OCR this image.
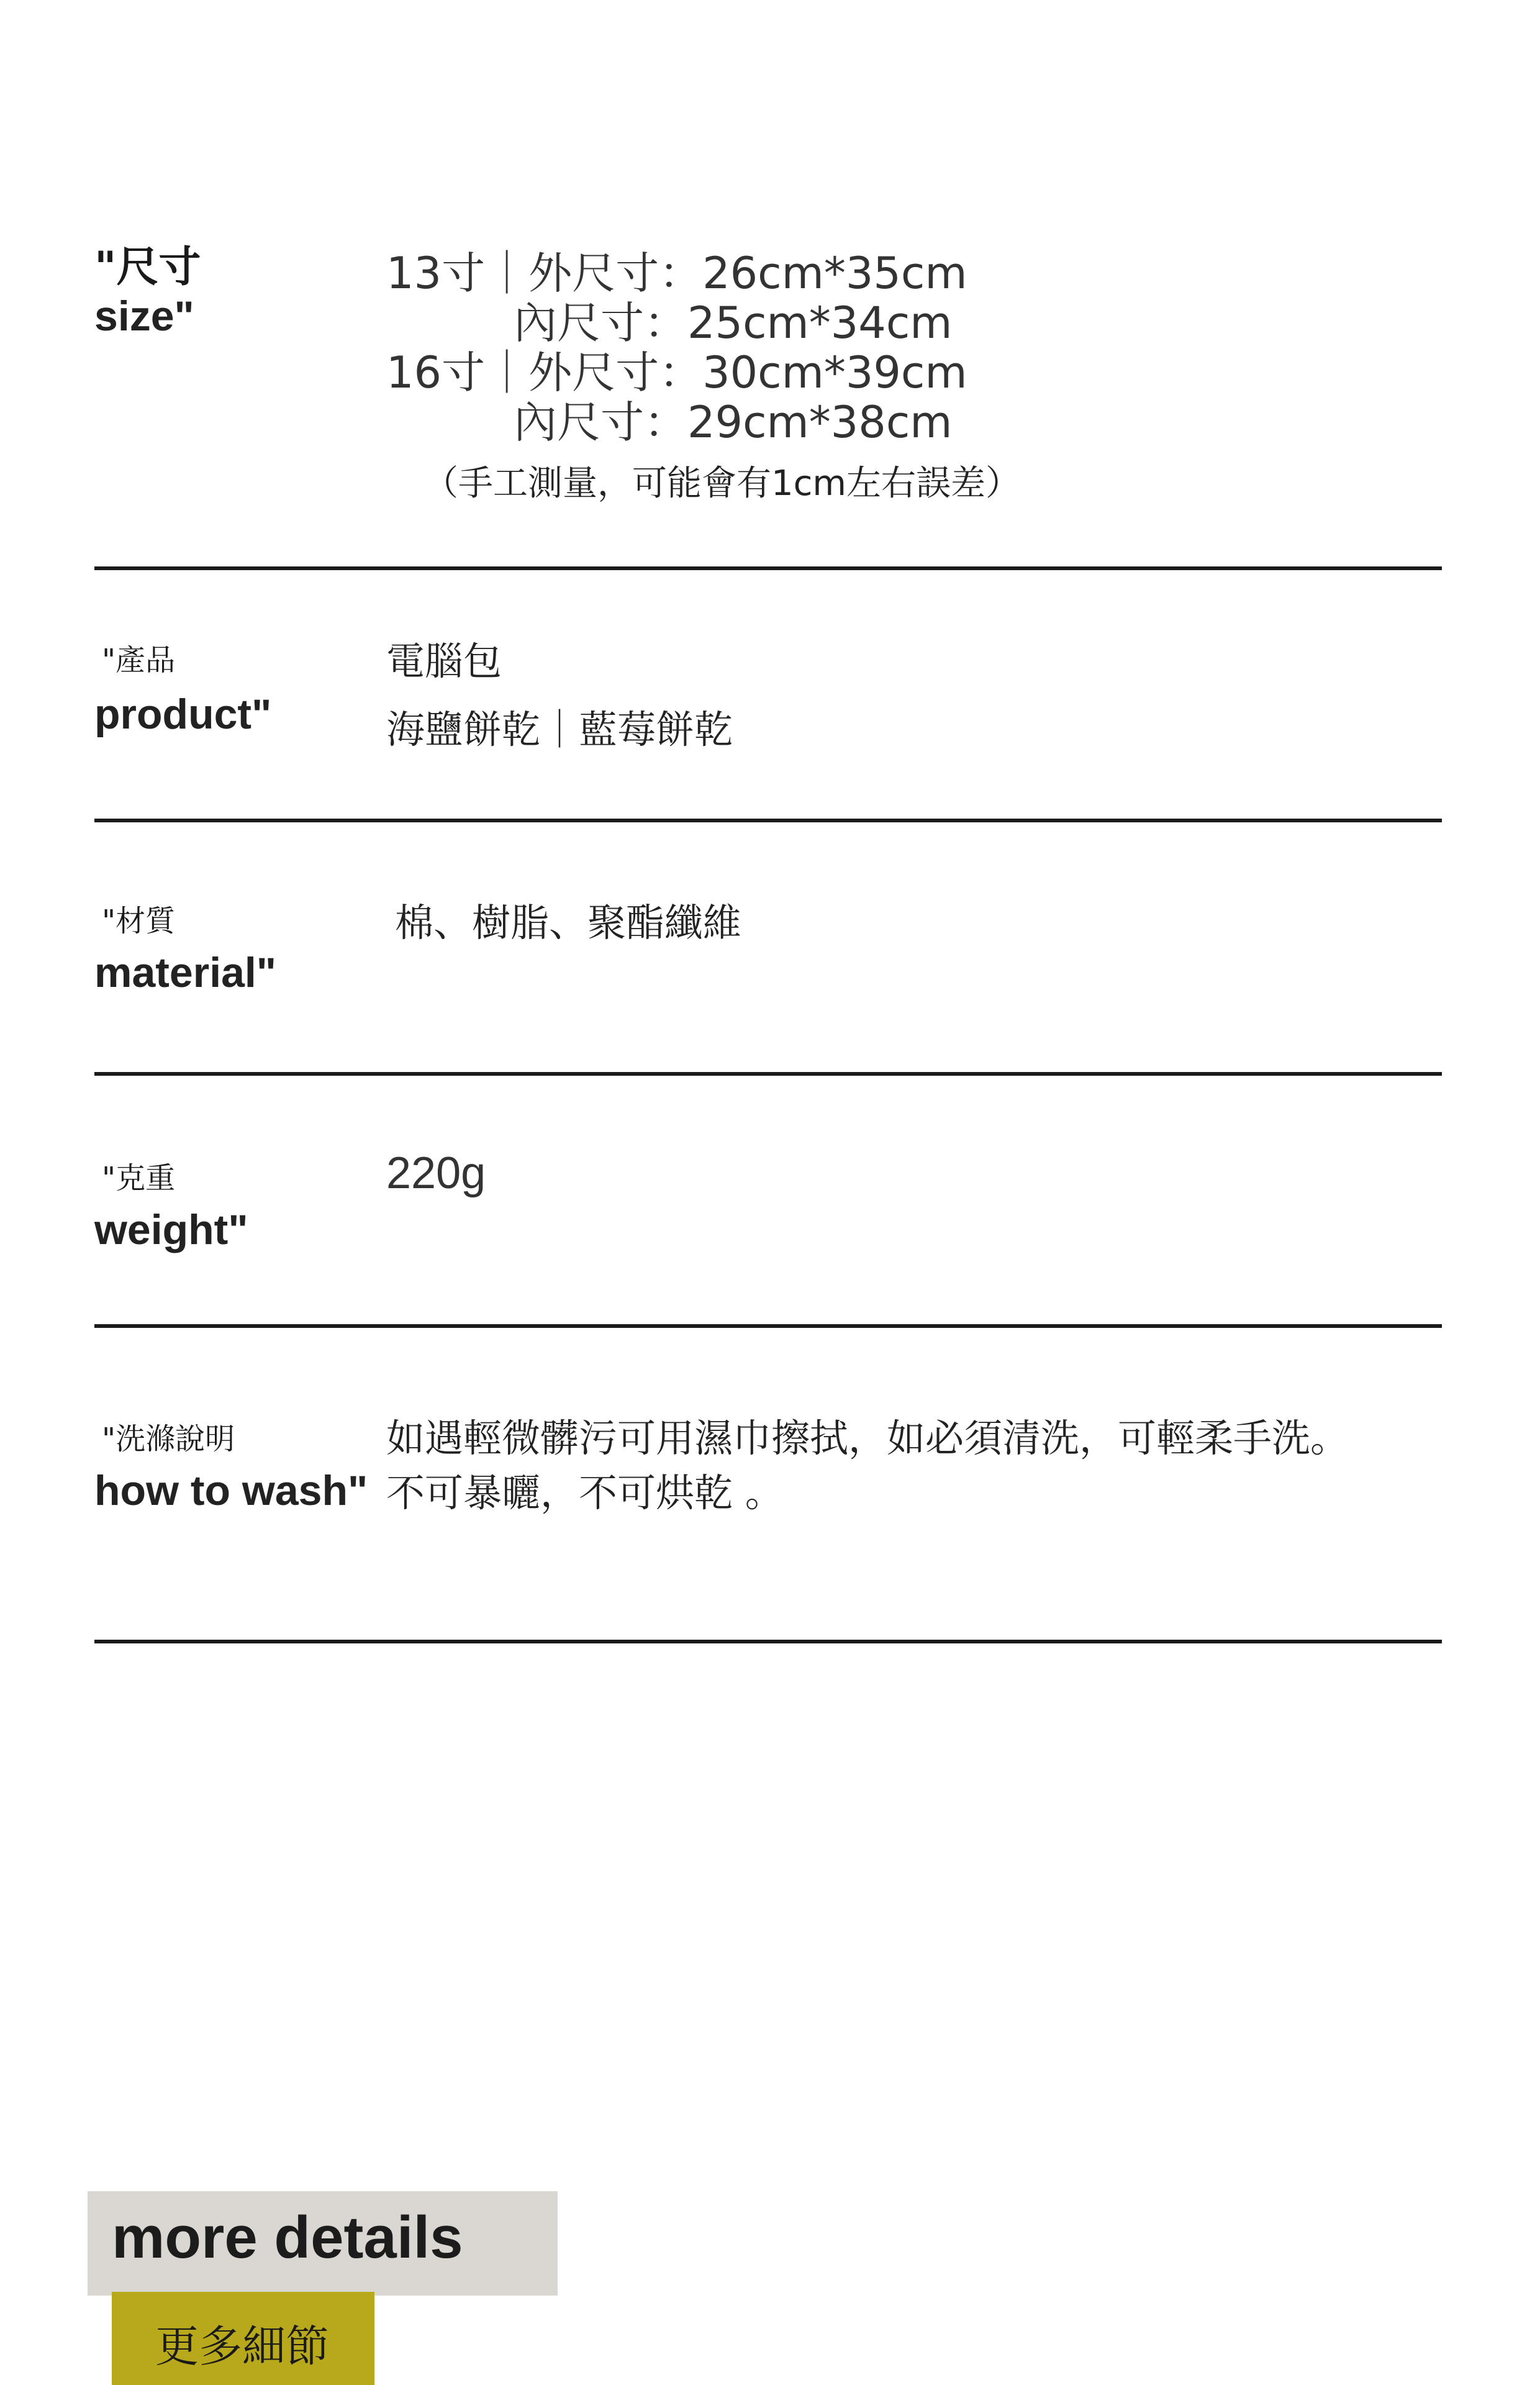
"尺寸
size"
13寸｜外尺寸：26cm*35cm
內尺寸：25cm*34cm
16寸｜外尺寸：30cm*39cm
內尺寸：29cm*38cm
（手工測量，可能會有1cm左右誤差）
"產品
product"
電腦包
海鹽餅乾｜藍莓餅乾
"材質
material"
棉、樹脂、聚酯纖維
"克重
weight"
220g
"洗滌說明
how to wash"
如遇輕微髒污可用濕巾擦拭，如必須清洗，可輕柔手洗。
不可暴曬，不可烘乾 。
more details
更多細節
